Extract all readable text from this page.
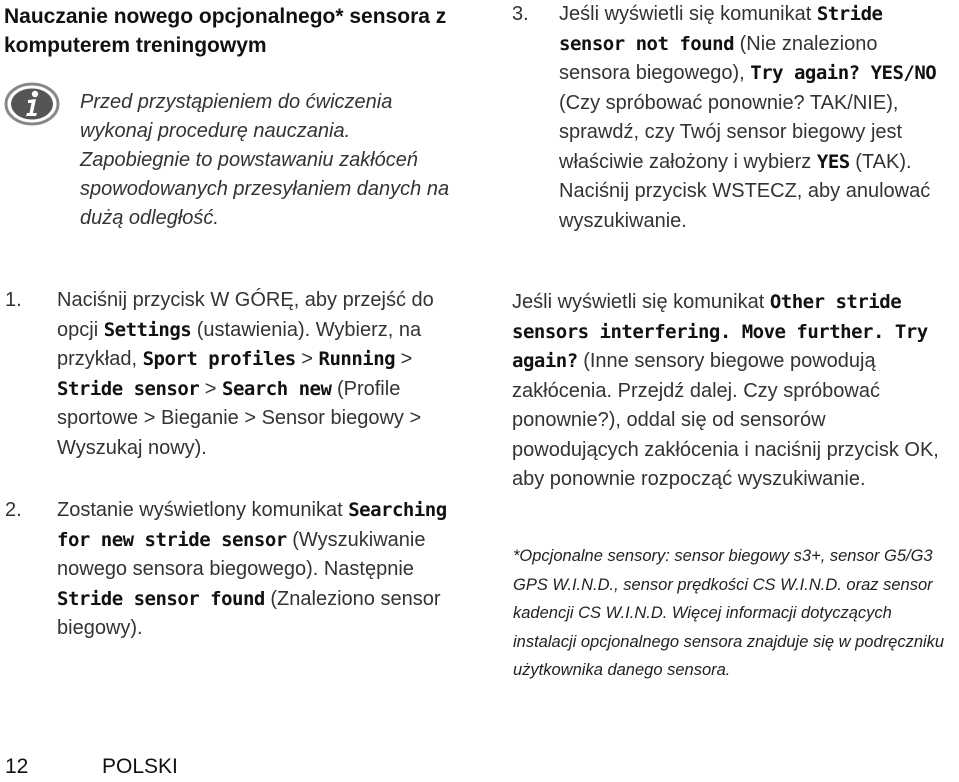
Nauczanie nowego opcjonalnego* sensora z komputerem treningowym
Przed przystąpieniem do ćwiczenia wykonaj procedurę nauczania. Zapobiegnie to powstawaniu zakłóceń spowodowanych przesyłaniem danych na dużą odległość.
1. Naciśnij przycisk W GÓRĘ, aby przejść do opcji Settings (ustawienia). Wybierz, na przykład, Sport profiles > Running > Stride sensor > Search new (Profile sportowe > Bieganie > Sensor biegowy > Wyszukaj nowy).
2. Zostanie wyświetlony komunikat Searching for new stride sensor (Wyszukiwanie nowego sensora biegowego). Następnie Stride sensor found (Znaleziono sensor biegowy).
3. Jeśli wyświetli się komunikat Stride sensor not found (Nie znaleziono sensora biegowego), Try again? YES/NO (Czy spróbować ponownie? TAK/NIE), sprawdź, czy Twój sensor biegowy jest właściwie założony i wybierz YES (TAK). Naciśnij przycisk WSTECZ, aby anulować wyszukiwanie.
Jeśli wyświetli się komunikat Other stride sensors interfering. Move further. Try again? (Inne sensory biegowe powodują zakłócenia. Przejdź dalej. Czy spróbować ponownie?), oddal się od sensorów powodujących zakłócenia i naciśnij przycisk OK, aby ponownie rozpocząć wyszukiwanie.
*Opcjonalne sensory: sensor biegowy s3+, sensor G5/G3 GPS W.I.N.D., sensor prędkości CS W.I.N.D. oraz sensor kadencji CS W.I.N.D. Więcej informacji dotyczących instalacji opcjonalnego sensora znajduje się w podręczniku użytkownika danego sensora.
12	POLSKI
